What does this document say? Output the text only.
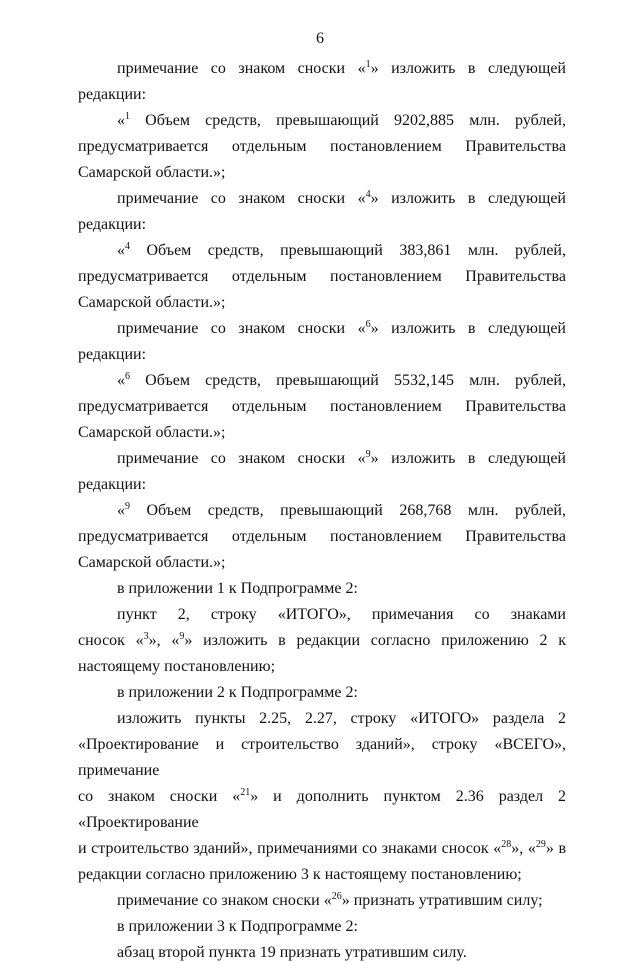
6

примечание со знаком сноски «$^1$» изложить в следующей редакции:

«$^1$ Объем средств, превышающий 9202,885 млн. рублей,

предусматривается отдельным постановлением Правительства
Самарской области.»;

примечание со знаком сноски «$^4$» изложить в следующей редакции:

«$^4$ Объем средств, превышающий 383,861 млн. рублей,

предусматривается отдельным постановлением Правительства
Самарской области.»;

примечание со знаком сноски «$^6$» изложить в следующей редакции:

«$^6$ Объем средств, превышающий 5532,145 млн. рублей,

предусматривается отдельным постановлением Правительства
Самарской области.»;

примечание со знаком сноски «$^9$» изложить в следующей редакции:

«$^9$ Объем средств, превышающий 268,768 млн. рублей,

предусматривается отдельным постановлением Правительства
Самарской области.»;

в приложении 1 к Подпрограмме 2:

пункт 2, строку «ИТОГО», примечания со знаками

сносок «$^3$», «$^9$» изложить в редакции согласно приложению 2 к
настоящему постановлению;

в приложении 2 к Подпрограмме 2:

изложить пункты 2.25, 2.27, строку «ИТОГО» раздела 2

«Проектирование и строительство зданий», строку «ВСЕГО», примечание
со знаком сноски «$^{21}$» и дополнить пунктом 2.36 раздел 2 «Проектирование
и строительство зданий», примечаниями со знаками сносок «$^{28}$», «$^{29}$» в
редакции согласно приложению 3 к настоящему постановлению;

примечание со знаком сноски «$^{26}$» признать утратившим силу;

в приложении 3 к Подпрограмме 2:

абзац второй пункта 19 признать утратившим силу.
